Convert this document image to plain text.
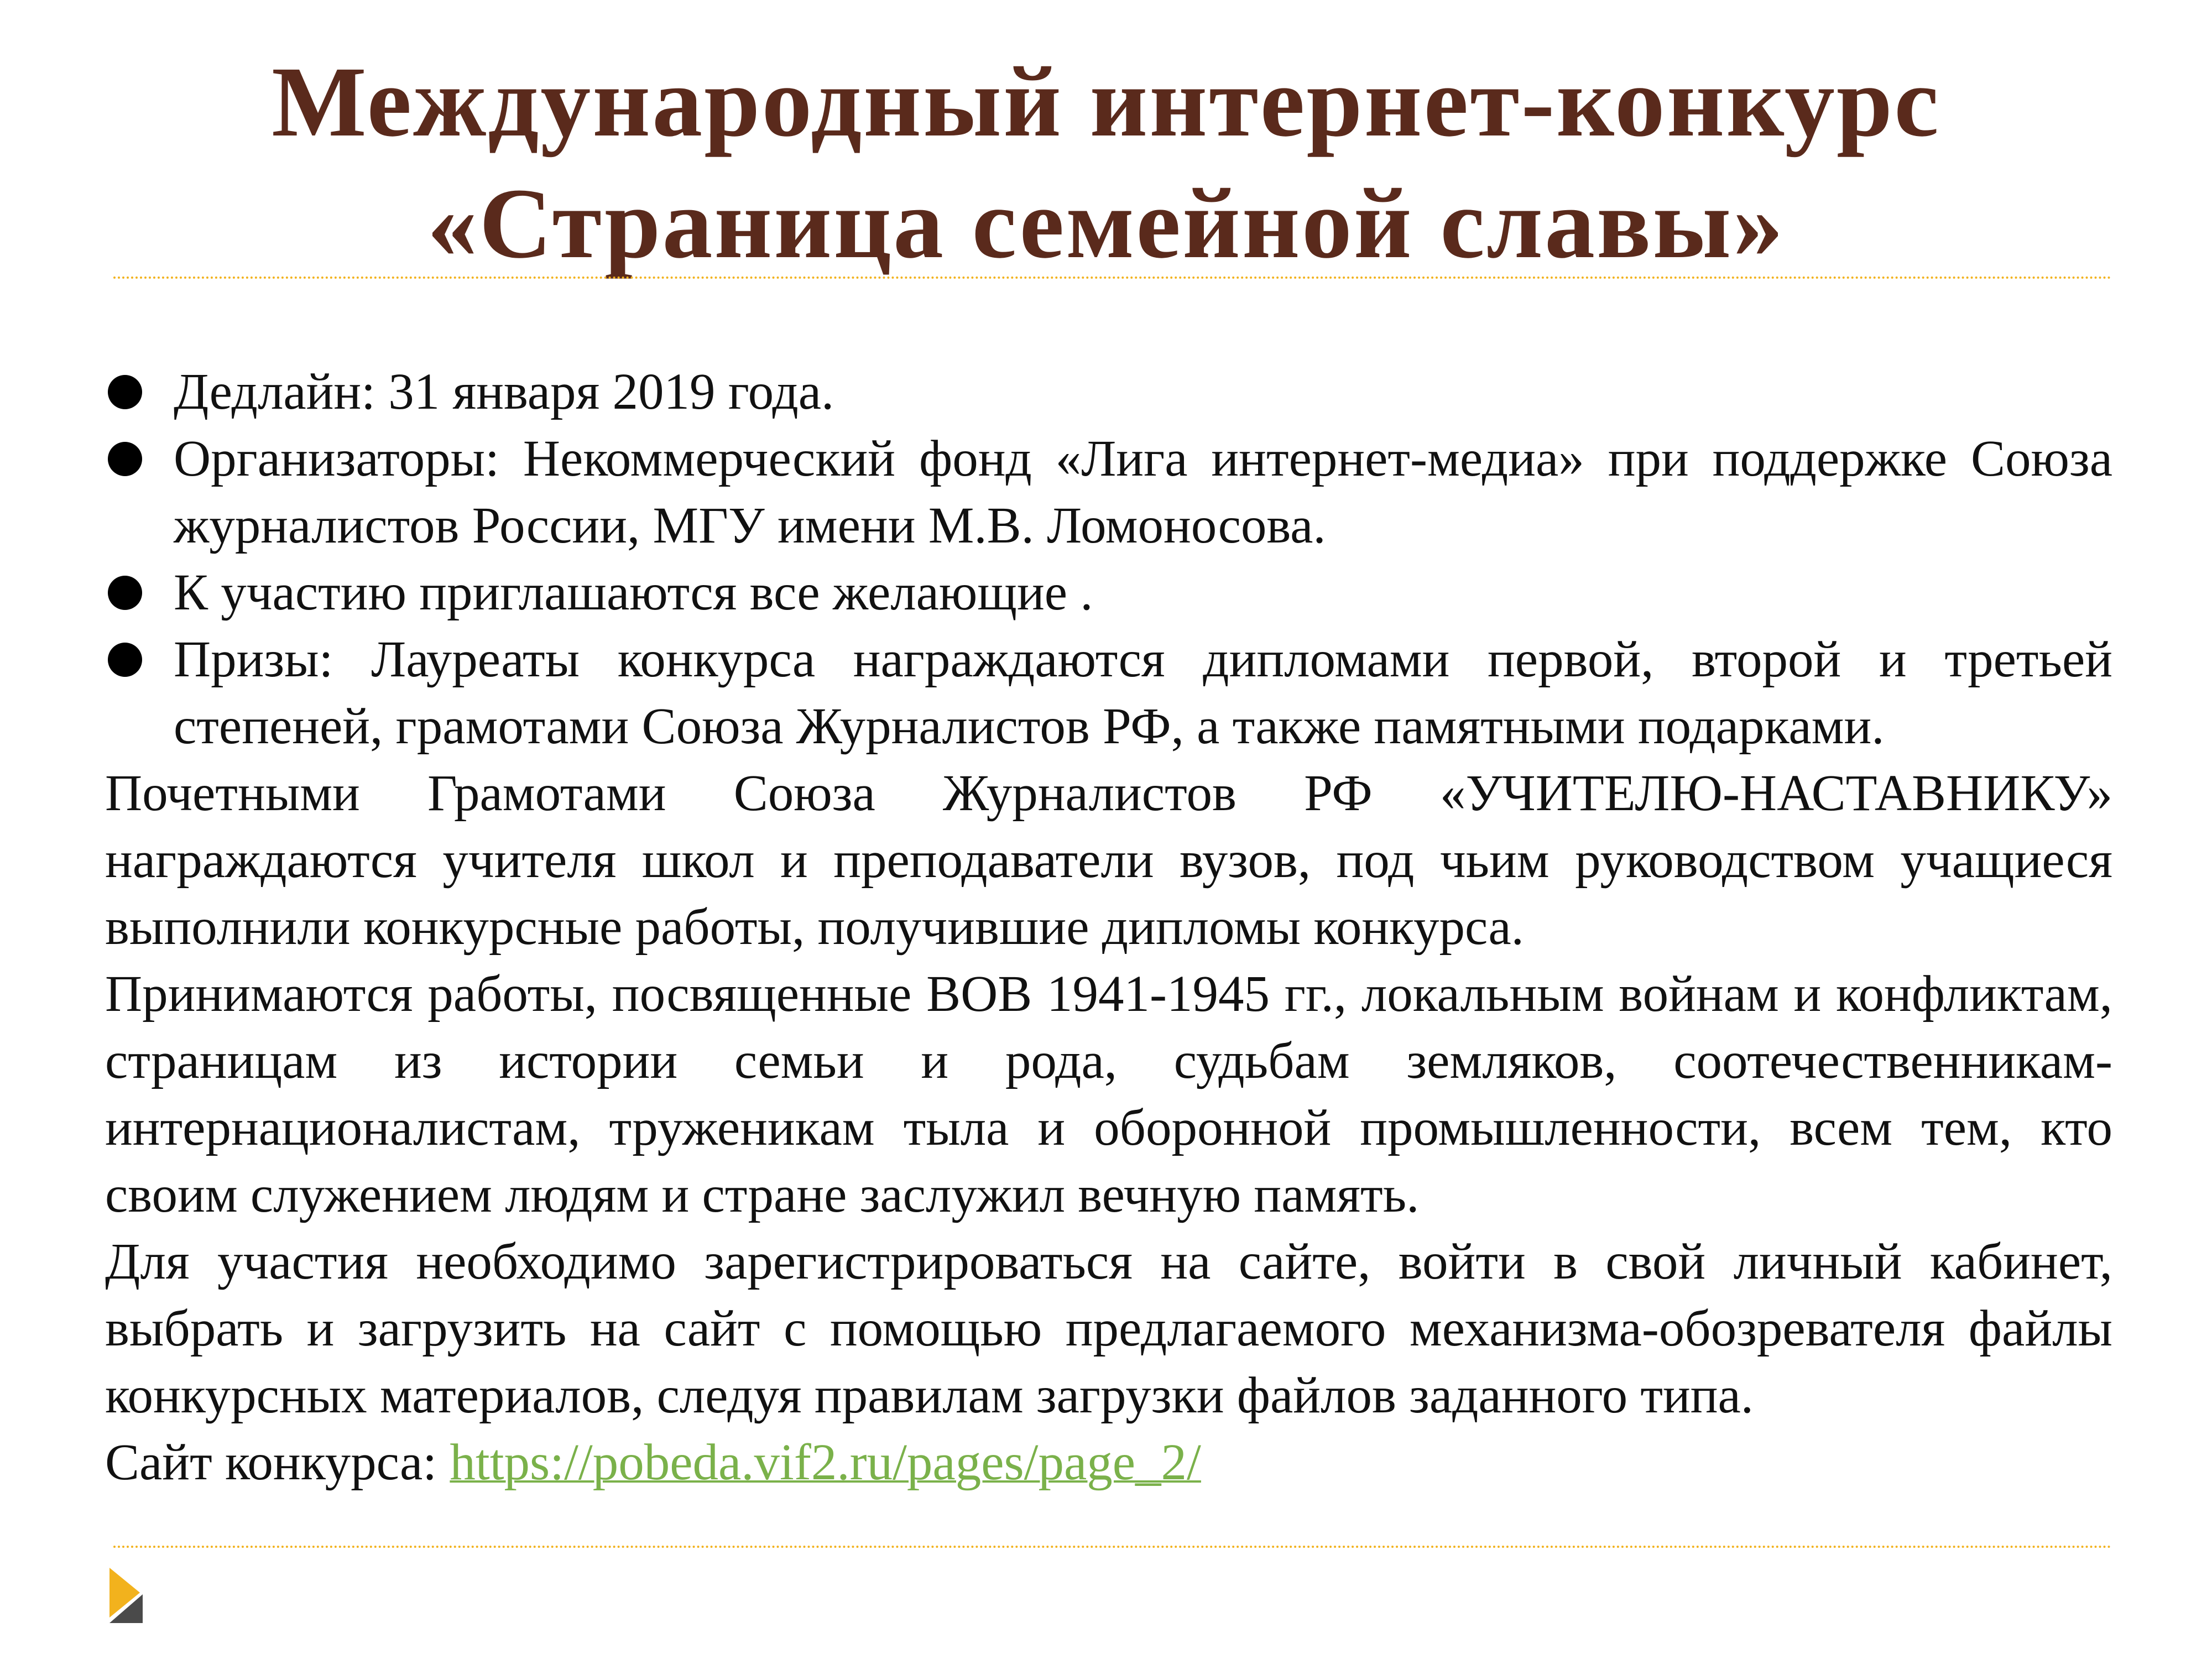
Международный интернет-конкурс
«Страница семейной славы»
Дедлайн: 31 января 2019 года.
Организаторы: Некоммерческий фонд «Лига интернет-медиа» при поддержке Союза журналистов России, МГУ имени М.В. Ломоносова.
К участию приглашаются все желающие .
Призы: Лауреаты конкурса награждаются дипломами первой, второй и третьей степеней, грамотами Союза Журналистов РФ, а также памятными подарками.

Почетными Грамотами Союза Журналистов РФ «УЧИТЕЛЮ-НАСТАВНИКУ» награждаются учителя школ и преподаватели вузов, под чьим руководством учащиеся выполнили конкурсные работы, получившие дипломы конкурса.

Принимаются работы, посвященные ВОВ 1941-1945 гг., локальным войнам и конфликтам, страницам из истории семьи и рода, судьбам земляков, соотечественникам-интернационалистам, труженикам тыла и оборонной промышленности, всем тем, кто своим служением людям и стране заслужил вечную память.

Для участия необходимо зарегистрироваться на сайте, войти в свой личный кабинет, выбрать и загрузить на сайт с помощью предлагаемого механизма-обозревателя файлы конкурсных материалов, следуя правилам загрузки файлов заданного типа.

Сайт конкурса: https://pobeda.vif2.ru/pages/page_2/
